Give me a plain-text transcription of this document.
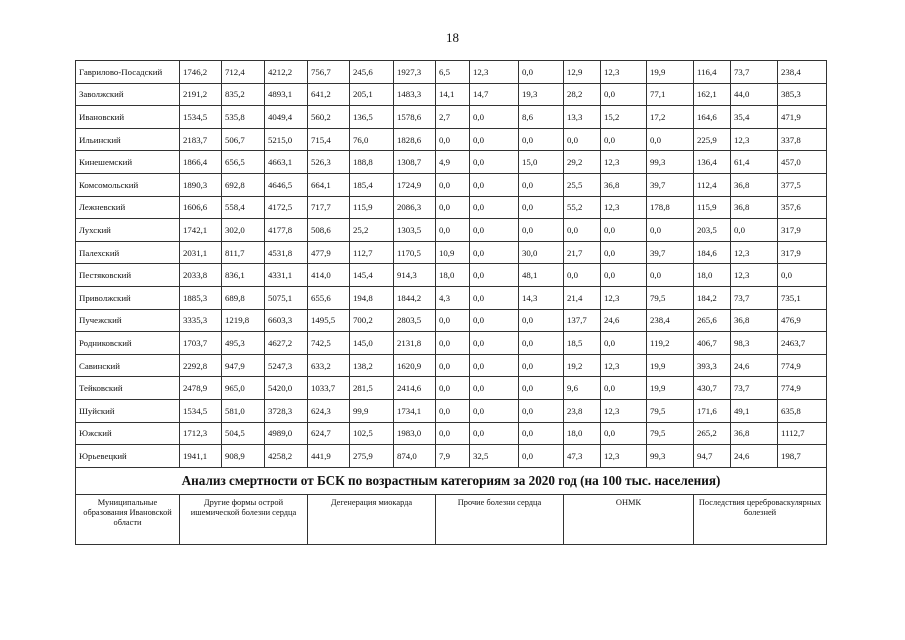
18
Гаврилово-Посадский	1746,2	712,4	4212,2	756,7	245,6	1927,3	6,5	12,3	0,0	12,9	12,3	19,9	116,4	73,7	238,4
Заволжский	2191,2	835,2	4893,1	641,2	205,1	1483,3	14,1	14,7	19,3	28,2	0,0	77,1	162,1	44,0	385,3
Ивановский	1534,5	535,8	4049,4	560,2	136,5	1578,6	2,7	0,0	8,6	13,3	15,2	17,2	164,6	35,4	471,9
Ильинский	2183,7	506,7	5215,0	715,4	76,0	1828,6	0,0	0,0	0,0	0,0	0,0	0,0	225,9	12,3	337,8
Кинешемский	1866,4	656,5	4663,1	526,3	188,8	1308,7	4,9	0,0	15,0	29,2	12,3	99,3	136,4	61,4	457,0
Комсомольский	1890,3	692,8	4646,5	664,1	185,4	1724,9	0,0	0,0	0,0	25,5	36,8	39,7	112,4	36,8	377,5
Лежневский	1606,6	558,4	4172,5	717,7	115,9	2086,3	0,0	0,0	0,0	55,2	12,3	178,8	115,9	36,8	357,6
Лухский	1742,1	302,0	4177,8	508,6	25,2	1303,5	0,0	0,0	0,0	0,0	0,0	0,0	203,5	0,0	317,9
Палехский	2031,1	811,7	4531,8	477,9	112,7	1170,5	10,9	0,0	30,0	21,7	0,0	39,7	184,6	12,3	317,9
Пестяковский	2033,8	836,1	4331,1	414,0	145,4	914,3	18,0	0,0	48,1	0,0	0,0	0,0	18,0	12,3	0,0
Приволжский	1885,3	689,8	5075,1	655,6	194,8	1844,2	4,3	0,0	14,3	21,4	12,3	79,5	184,2	73,7	735,1
Пучежский	3335,3	1219,8	6603,3	1495,5	700,2	2803,5	0,0	0,0	0,0	137,7	24,6	238,4	265,6	36,8	476,9
Родниковский	1703,7	495,3	4627,2	742,5	145,0	2131,8	0,0	0,0	0,0	18,5	0,0	119,2	406,7	98,3	2463,7
Савинский	2292,8	947,9	5247,3	633,2	138,2	1620,9	0,0	0,0	0,0	19,2	12,3	19,9	393,3	24,6	774,9
Тейковский	2478,9	965,0	5420,0	1033,7	281,5	2414,6	0,0	0,0	0,0	9,6	0,0	19,9	430,7	73,7	774,9
Шуйский	1534,5	581,0	3728,3	624,3	99,9	1734,1	0,0	0,0	0,0	23,8	12,3	79,5	171,6	49,1	635,8
Южский	1712,3	504,5	4989,0	624,7	102,5	1983,0	0,0	0,0	0,0	18,0	0,0	79,5	265,2	36,8	1112,7
Юрьевецкий	1941,1	908,9	4258,2	441,9	275,9	874,0	7,9	32,5	0,0	47,3	12,3	99,3	94,7	24,6	198,7
Анализ смертности от БСК по возрастным категориям за 2020 год (на 100 тыс. населения)															
Муниципальные образования Ивановской области	Другие формы острой ишемической болезни сердца			Дегенерация миокарда			Прочие болезни сердца			ОНМК			Последствия цереброваскулярных болезней		
